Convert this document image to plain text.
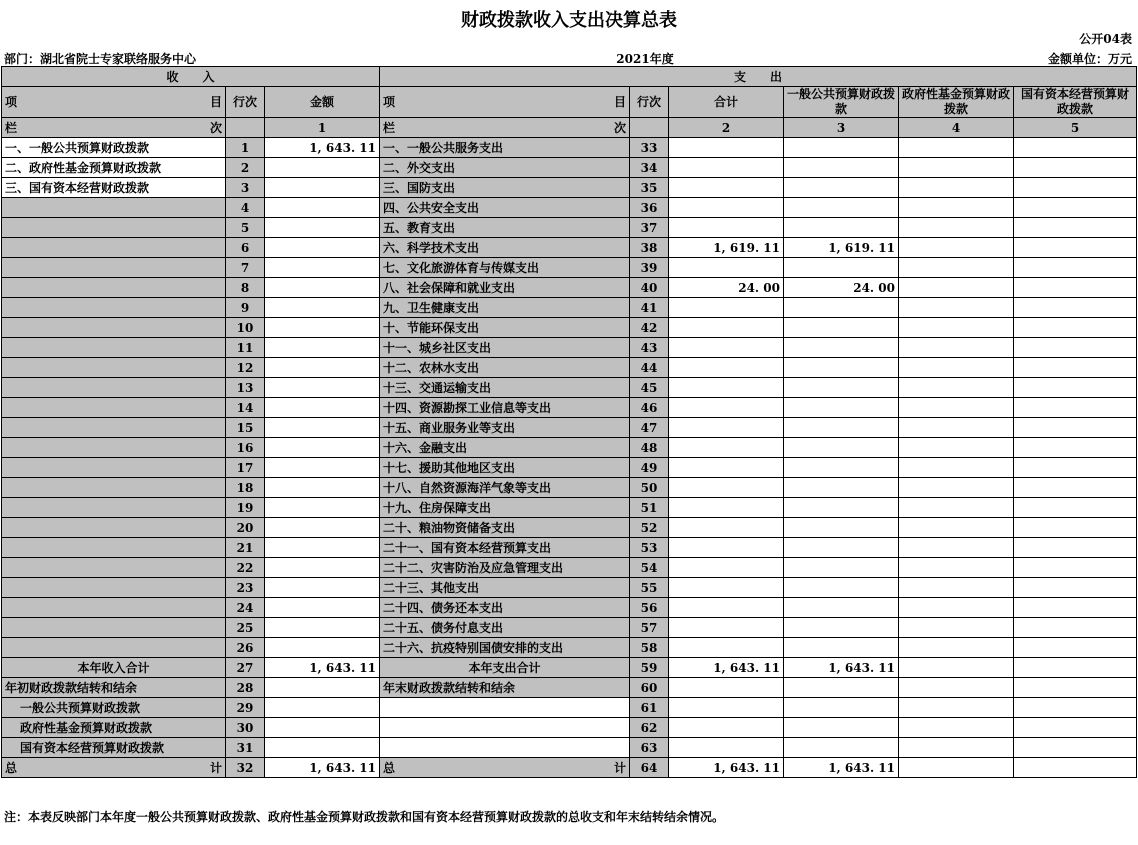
财政拨款收入支出决算总表
公开04表
部门：湖北省院士专家联络服务中心	2021年度	金额单位：万元
收　　入			支　　出					

项 目	行次	金额	项 目	行次	合计	一般公共预算财政拨款	政府性基金预算财政拨款	国有资本经营预算财政拨款

栏 次		1	栏 次		2	3	4	5
一、一般公共预算财政拨款	1	1, 643. 11	一、一般公共服务支出	33				
二、政府性基金预算财政拨款	2		二、外交支出	34				
三、国有资本经营财政拨款	3		三、国防支出	35				
	4		四、公共安全支出	36				
	5		五、教育支出	37				
	6		六、科学技术支出	38	1, 619. 11	1, 619. 11		
	7		七、文化旅游体育与传媒支出	39				
	8		八、社会保障和就业支出	40	24. 00	24. 00		
	9		九、卫生健康支出	41				
	10		十、节能环保支出	42				
	11		十一、城乡社区支出	43				
	12		十二、农林水支出	44				
	13		十三、交通运输支出	45				
	14		十四、资源勘探工业信息等支出	46				
	15		十五、商业服务业等支出	47				
	16		十六、金融支出	48				
	17		十七、援助其他地区支出	49				
	18		十八、自然资源海洋气象等支出	50				
	19		十九、住房保障支出	51				
	20		二十、粮油物资储备支出	52				
	21		二十一、国有资本经营预算支出	53				
	22		二十二、灾害防治及应急管理支出	54				
	23		二十三、其他支出	55				
	24		二十四、债务还本支出	56				
	25		二十五、债务付息支出	57				
	26		二十六、抗疫特别国债安排的支出	58				
本年收入合计	27	1, 643. 11	本年支出合计	59	1, 643. 11	1, 643. 11		
年初财政拨款结转和结余	28		年末财政拨款结转和结余	60				
一般公共预算财政拨款	29			61				
政府性基金预算财政拨款	30			62				
国有资本经营预算财政拨款	31			63				

总 计	32	1, 643. 11	总 计	64	1, 643. 11	1, 643. 11		
注：本表反映部门本年度一般公共预算财政拨款、政府性基金预算财政拨款和国有资本经营预算财政拨款的总收支和年末结转结余情况。
